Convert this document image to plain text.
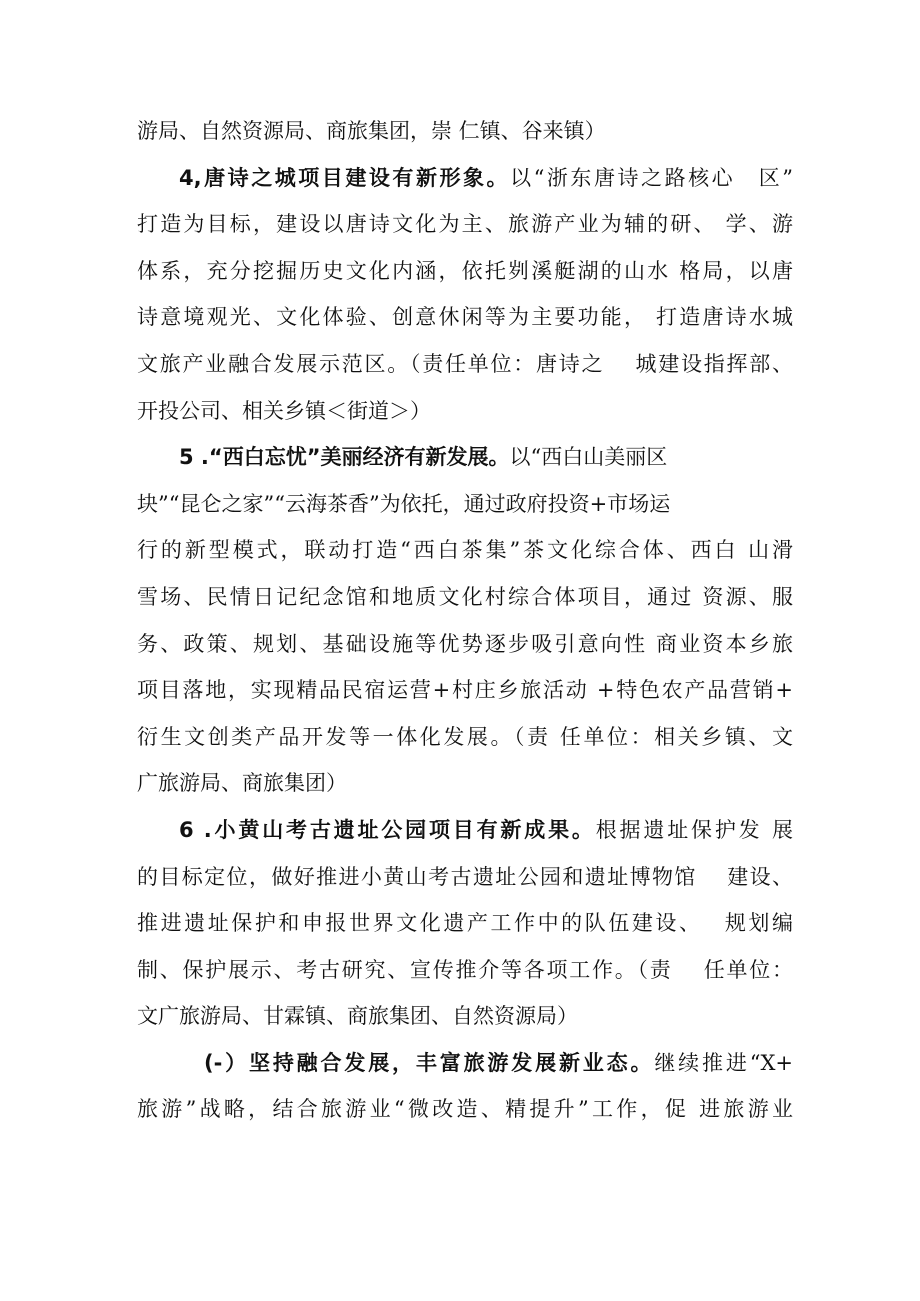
游局、自然资源局、商旅集团，崇 仁镇、谷来镇）
4,唐诗之城项目建设有新形象。以“浙东唐诗之路核心　区”
打造为目标，建设以唐诗文化为主、旅游产业为辅的研、 学、游
体系，充分挖掘历史文化内涵，依托刿溪艇湖的山水 格局，以唐
诗意境观光、文化体验、创意休闲等为主要功能， 打造唐诗水城
文旅产业融合发展示范区。（责任单位：唐诗之　 城建设指挥部、
开投公司、相关乡镇＜街道＞）
5 .“西白忘忧”美丽经济有新发展。以“西白山美丽区
块”“昆仑之家”“云海茶香”为依托，通过政府投资+市场运
行的新型模式，联动打造“西白茶集”茶文化综合体、西白 山滑
雪场、民情日记纪念馆和地质文化村综合体项目，通过 资源、服
务、政策、规划、基础设施等优势逐步吸引意向性 商业资本乡旅
项目落地，实现精品民宿运营+村庄乡旅活动 +特色农产品营销+
衍生文创类产品开发等一体化发展。（责 任单位：相关乡镇、文
广旅游局、商旅集团）
6 .小黄山考古遗址公园项目有新成果。根据遗址保护发 展
的目标定位，做好推进小黄山考古遗址公园和遗址博物馆　 建设、
推进遗址保护和申报世界文化遗产工作中的队伍建设、　 规划编
制、保护展示、考古研究、宣传推介等各项工作。（责　 任单位：
文广旅游局、甘霖镇、商旅集团、自然资源局）
(-）坚持融合发展，丰富旅游发展新业态。继续推进“X+
旅游”战略，结合旅游业“微改造、精提升”工作，促 进旅游业
